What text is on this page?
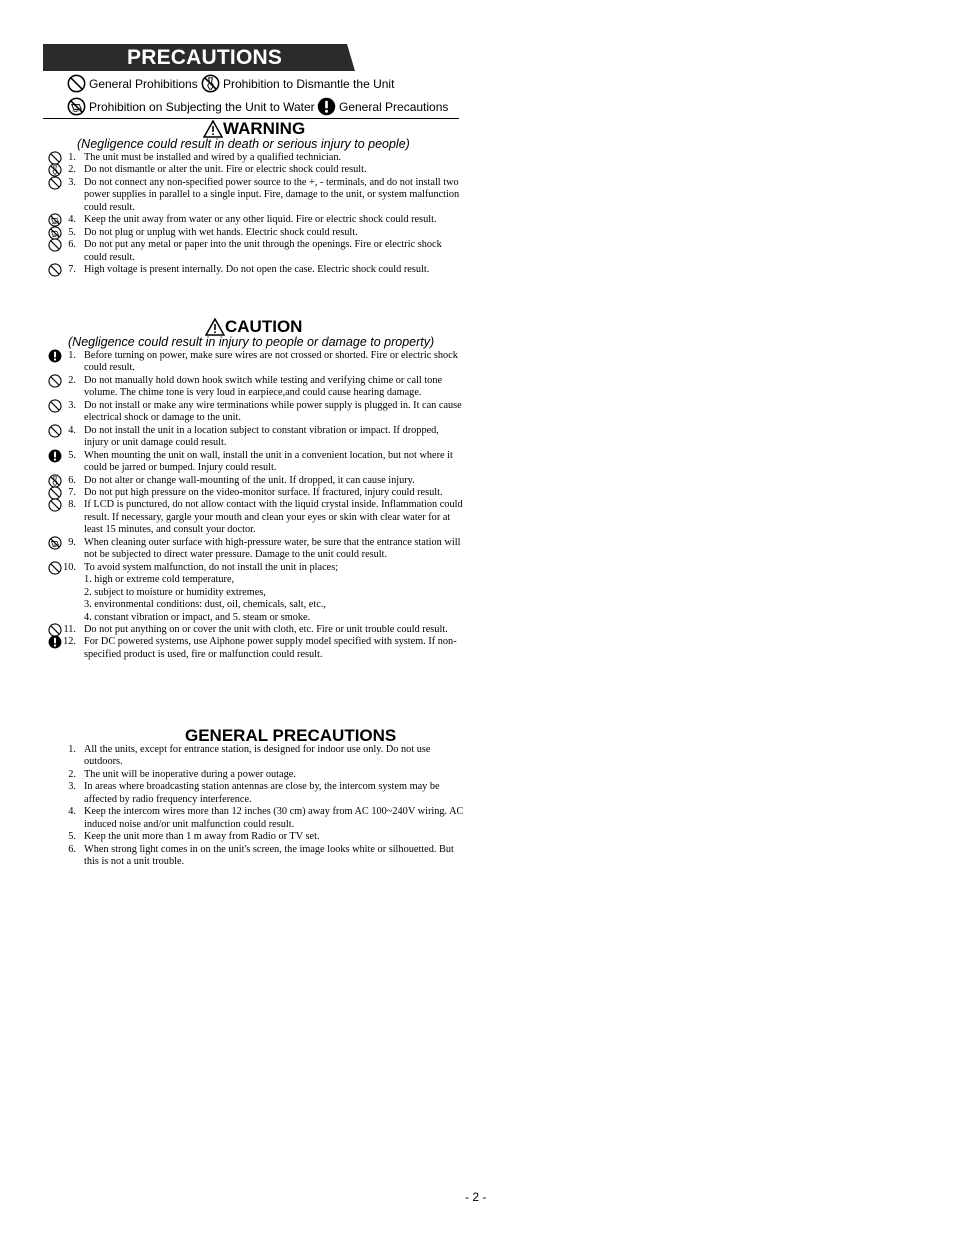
PRECAUTIONS
General Prohibitions Prohibition to Dismantle the Unit
Prohibition on Subjecting the Unit to Water General Precautions
WARNING
(Negligence could result in death or serious injury to people)
1. The unit must be installed and wired by a qualified technician.
2. Do not dismantle or alter the unit. Fire or electric shock could result.
3. Do not connect any non-specified power source to the +, - terminals, and do not install two power supplies in parallel to a single input. Fire, damage to the unit, or system malfunction could result.
4. Keep the unit away from water or any other liquid. Fire or electric shock could result.
5. Do not plug or unplug with wet hands. Electric shock could result.
6. Do not put any metal or paper into the unit through the openings. Fire or electric shock could result.
7. High voltage is present internally. Do not open the case. Electric shock could result.
CAUTION
(Negligence could result in injury to people or damage to property)
1. Before turning on power, make sure wires are not crossed or shorted. Fire or electric shock could result.
2. Do not manually hold down hook switch while testing and verifying chime or call tone volume. The chime tone is very loud in earpiece,and could cause hearing damage.
3. Do not install or make any wire terminations while power supply is plugged in. It can cause electrical shock or damage to the unit.
4. Do not install the unit in a location subject to constant vibration or impact. If dropped, injury or unit damage could result.
5. When mounting the unit on wall, install the unit in a convenient location, but not where it could be jarred or bumped. Injury could result.
6. Do not alter or change wall-mounting of the unit. If dropped, it can cause injury.
7. Do not put high pressure on the video-monitor surface. If fractured, injury could result.
8. If LCD is punctured, do not allow contact with the liquid crystal inside. Inflammation could result. If necessary, gargle your mouth and clean your eyes or skin with clear water for at least 15 minutes, and consult your doctor.
9. When cleaning outer surface with high-pressure water, be sure that the entrance station will not be subjected to direct water pressure. Damage to the unit could result.
10. To avoid system malfunction, do not install the unit in places;
1. high or extreme cold temperature,
2. subject to moisture or humidity extremes,
3. environmental conditions: dust, oil, chemicals, salt, etc.,
4. constant vibration or impact, and 5. steam or smoke.
11. Do not put anything on or cover the unit with cloth, etc. Fire or unit trouble could result.
12. For DC powered systems, use Aiphone power supply model specified with system. If non-specified product is used, fire or malfunction could result.
GENERAL PRECAUTIONS
1. All the units, except for entrance station, is designed for indoor use only. Do not use outdoors.
2. The unit will be inoperative during a power outage.
3. In areas where broadcasting station antennas are close by, the intercom system may be affected by radio frequency interference.
4. Keep the intercom wires more than 12 inches (30 cm) away from AC 100~240V wiring. AC induced noise and/or unit malfunction could result.
5. Keep the unit more than 1 m away from Radio or TV set.
6. When strong light comes in on the unit's screen, the image looks white or silhouetted. But this is not a unit trouble.
- 2 -
